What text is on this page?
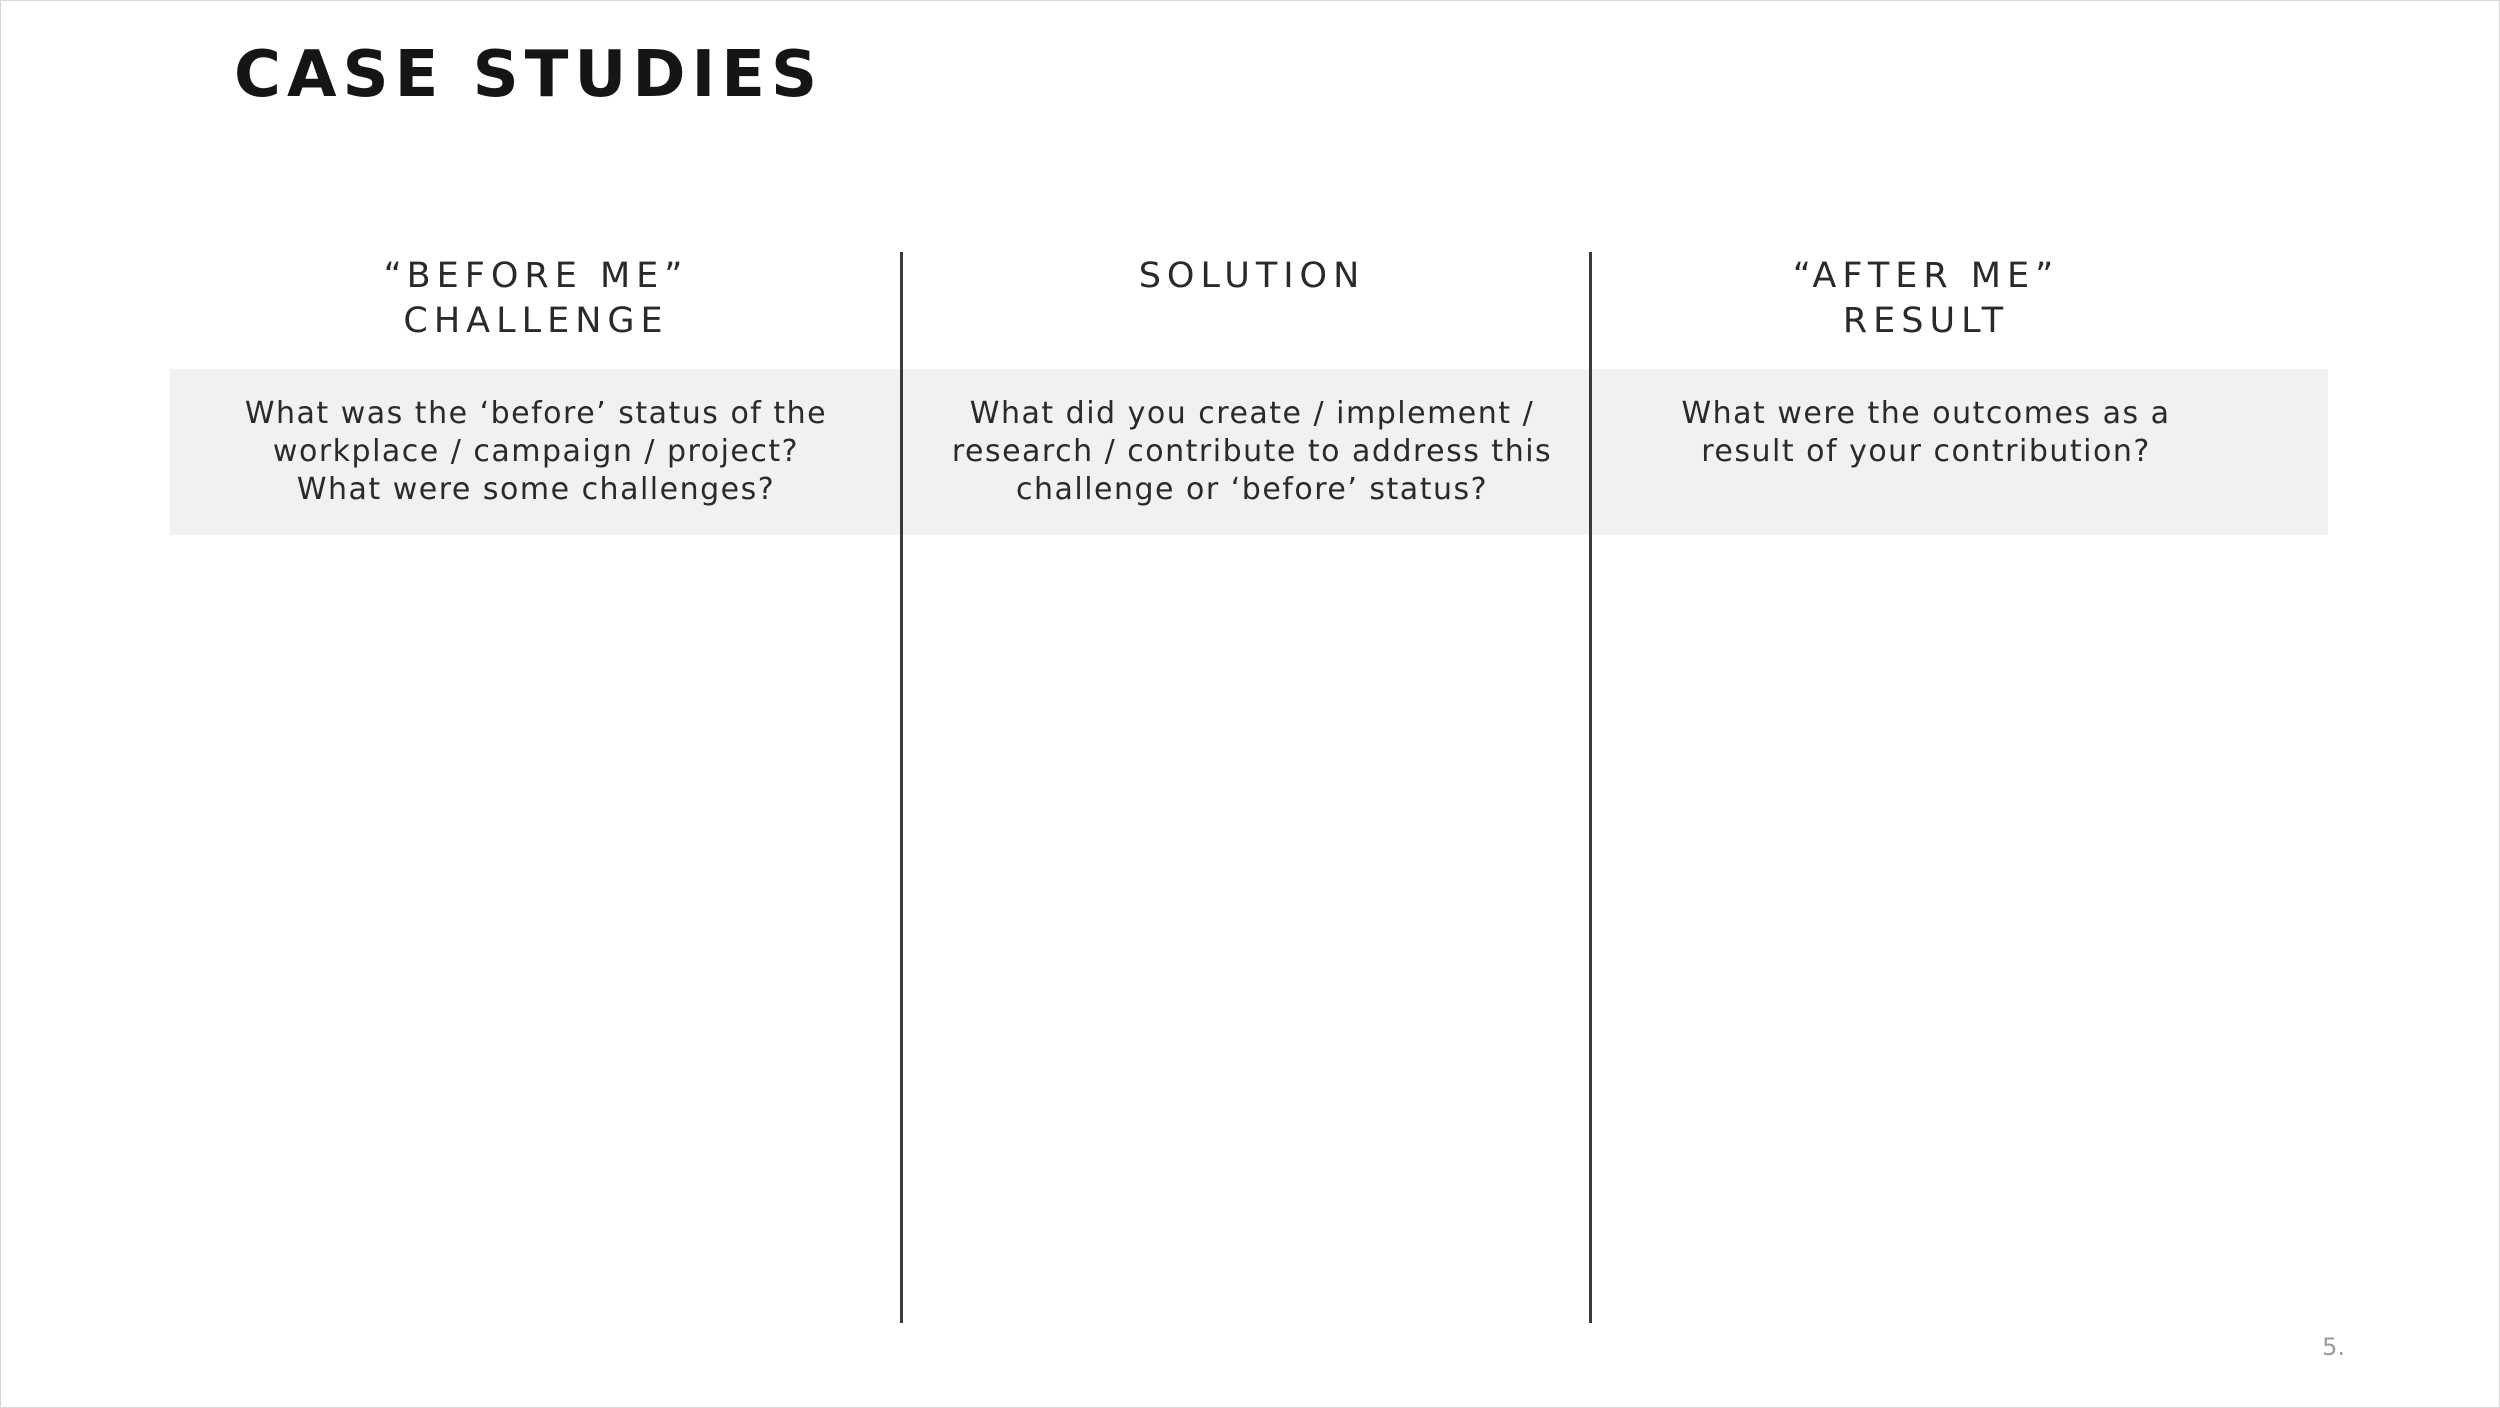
CASE STUDIES
“BEFORE ME”
CHALLENGE
What was the ‘before’ status of the
workplace / campaign / project?
What were some challenges?
SOLUTION
What did you create / implement /
research / contribute to address this
challenge or ‘before’ status?
“AFTER ME”
RESULT
What were the outcomes as a
result of your contribution?
5.
